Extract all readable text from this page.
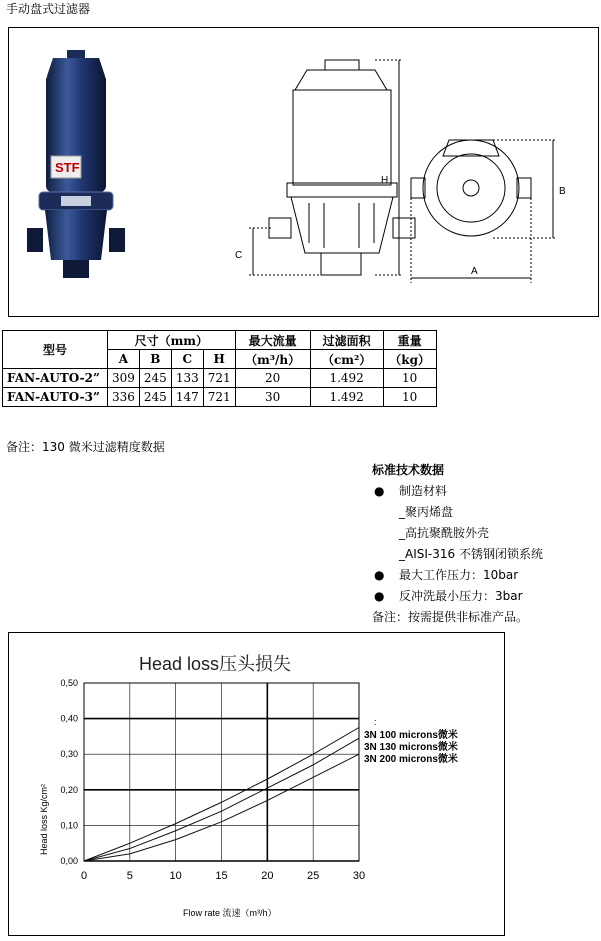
手动盘式过滤器
STF
H
C
B
A
型号	尺寸（mm）				最大流量	过滤面积	重量
	A	B	C	H	（m³/h）	（cm²）	（kg）
FAN-AUTO-2”	309	245	133	721	20	1.492	10
FAN-AUTO-3”	336	245	147	721	30	1.492	10
备注：130 微米过滤精度数据
标准技术数据
● 制造材料
_聚丙烯盘
_高抗聚酰胺外壳
_AISI-316 不锈钢闭锁系统
● 最大工作压力：10bar
● 反冲洗最小压力：3bar
备注：按需提供非标准产品。
Head loss压头损失
0,00
0,10
0,20
0,30
0,40
0,50
0	5	10	15	20	25	30
:
3N 100 microns微米
3N 130 microns微米
3N 200 microns微米
Flow rate 流速（m³/h）
Head loss Kg/cm²
